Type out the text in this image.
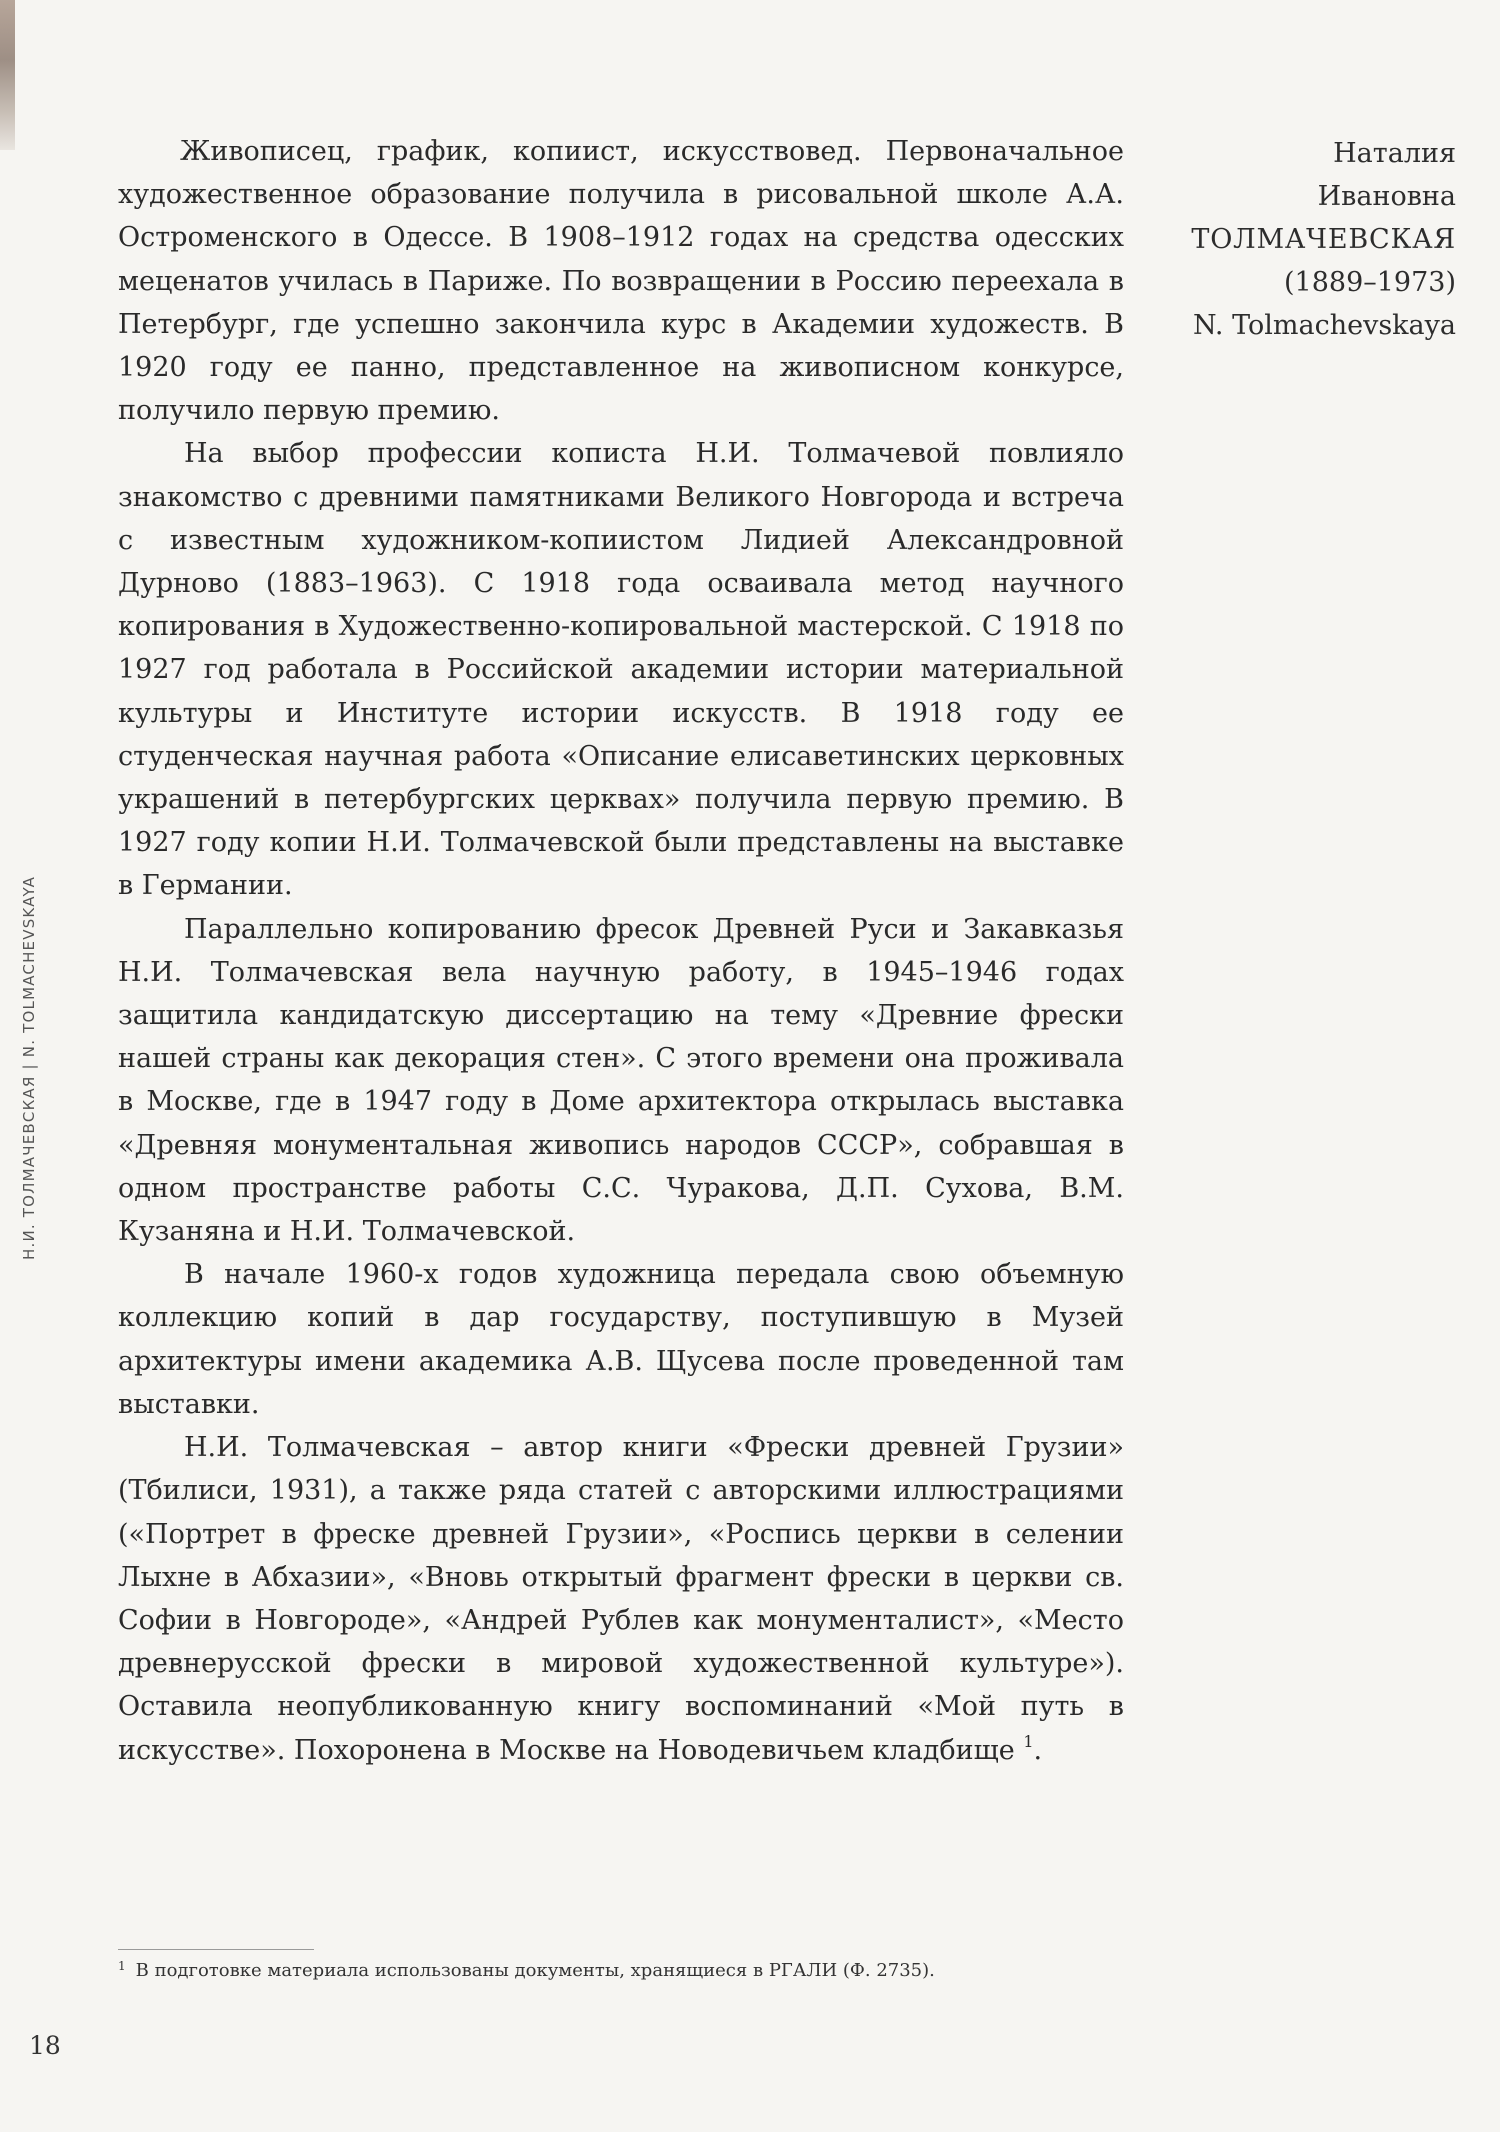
Н.И. ТОЛМАЧЕВСКАЯ|N. TOLMACHEVSKAYA
Наталия
Ивановна
ТОЛМАЧЕВСКАЯ
(1889–1973)
N. Tolmachevskaya

Живописец, график, копиист, искусствовед. Первоначальное художественное образование получила в рисовальной школе А.А. Остроменского в Одессе. В 1908–1912 годах на средства одесских меценатов училась в Париже. По возвращении в Россию переехала в Петербург, где успешно закончила курс в Академии художеств. В 1920 году ее панно, представленное на живописном конкурсе, получило первую премию.

На выбор профессии кописта Н.И. Толмачевой повлияло знакомство с древними памятниками Великого Новгорода и встреча с известным художником-копиистом Лидией Александровной Дурново (1883–1963). С 1918 года осваивала метод научного копирования в Художественно-копировальной мастерской. С 1918 по 1927 год работала в Российской академии истории материальной культуры и Институте истории искусств. В 1918 году ее студенческая научная работа «Описание елисаветинских церковных украшений в петербургских церквах» получила первую премию. В 1927 году копии Н.И. Толмачевской были представлены на выставке в Германии.

Параллельно копированию фресок Древней Руси и Закавказья Н.И. Толмачевская вела научную работу, в 1945–1946 годах защитила кандидатскую диссертацию на тему «Древние фрески нашей страны как декорация стен». С этого времени она проживала в Москве, где в 1947 году в Доме архитектора открылась выставка «Древняя монументальная живопись народов СССР», собравшая в одном пространстве работы С.С. Чуракова, Д.П. Сухова, В.М. Кузаняна и Н.И. Толмачевской.

В начале 1960-х годов художница передала свою объемную коллекцию копий в дар государству, поступившую в Музей архитектуры имени академика А.В. Щусева после проведенной там выставки.

Н.И. Толмачевская – автор книги «Фрески древней Грузии» (Тбилиси, 1931), а также ряда статей с авторскими иллюстрациями («Портрет в фреске древней Грузии», «Роспись церкви в селении Лыхне в Абхазии», «Вновь открытый фрагмент фрески в церкви св. Софии в Новгороде», «Андрей Рублев как монументалист», «Место древнерусской фрески в мировой художественной культуре»). Оставила неопубликованную книгу воспоминаний «Мой путь в искусстве». Похоронена в Москве на Новодевичьем кладбище $^1$.

$^1$ В подготовке материала использованы документы, хранящиеся в РГАЛИ (Ф. 2735).
18
